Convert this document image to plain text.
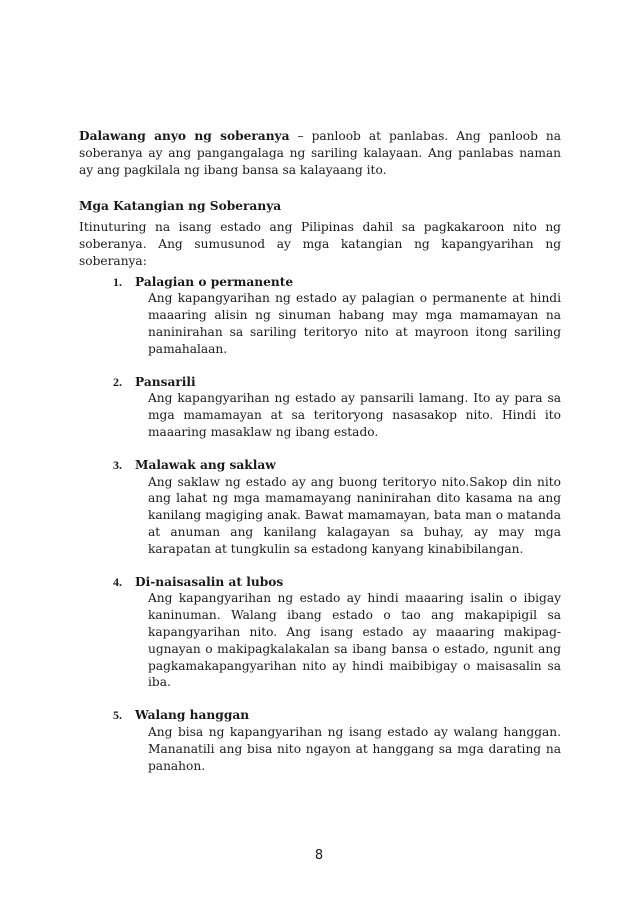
Dalawang anyo ng soberanya – panloob at panlabas. Ang panloob na soberanya ay ang pangangalaga ng sariling kalayaan. Ang panlabas naman ay ang pagkilala ng ibang bansa sa kalayaang ito.

Mga Katangian ng Soberanya

Itinuturing na isang estado ang Pilipinas dahil sa pagkakaroon nito ng soberanya. Ang sumusunod ay mga katangian ng kapangyarihan ng soberanya:

1.	Palagian o permanente
Ang kapangyarihan ng estado ay palagian o permanente at hindi maaaring alisin ng sinuman habang may mga mamamayan na naninirahan sa sariling teritoryo nito at mayroon itong sariling pamahalaan.
2.	Pansarili
Ang kapangyarihan ng estado ay pansarili lamang. Ito ay para sa mga mamamayan at sa teritoryong nasasakop nito. Hindi ito maaaring masaklaw ng ibang estado.
3.	Malawak ang saklaw
Ang saklaw ng estado ay ang buong teritoryo nito.Sakop din nito ang lahat ng mga mamamayang naninirahan dito kasama na ang kanilang magiging anak. Bawat mamamayan, bata man o matanda at anuman ang kanilang kalagayan sa buhay, ay may mga karapatan at tungkulin sa estadong kanyang kinabibilangan.
4.	Di-naisasalin at lubos
Ang kapangyarihan ng estado ay hindi maaaring isalin o ibigay kaninuman. Walang ibang estado o tao ang makapipigil sa kapangyarihan nito. Ang isang estado ay maaaring makipag-ugnayan o makipagkalakalan sa ibang bansa o estado, ngunit ang pagkamakapangyarihan nito ay hindi maibibigay o maisasalin sa iba.
5.	Walang hanggan
Ang bisa ng kapangyarihan ng isang estado ay walang hanggan. Mananatili ang bisa nito ngayon at hanggang sa mga darating na panahon.
8
